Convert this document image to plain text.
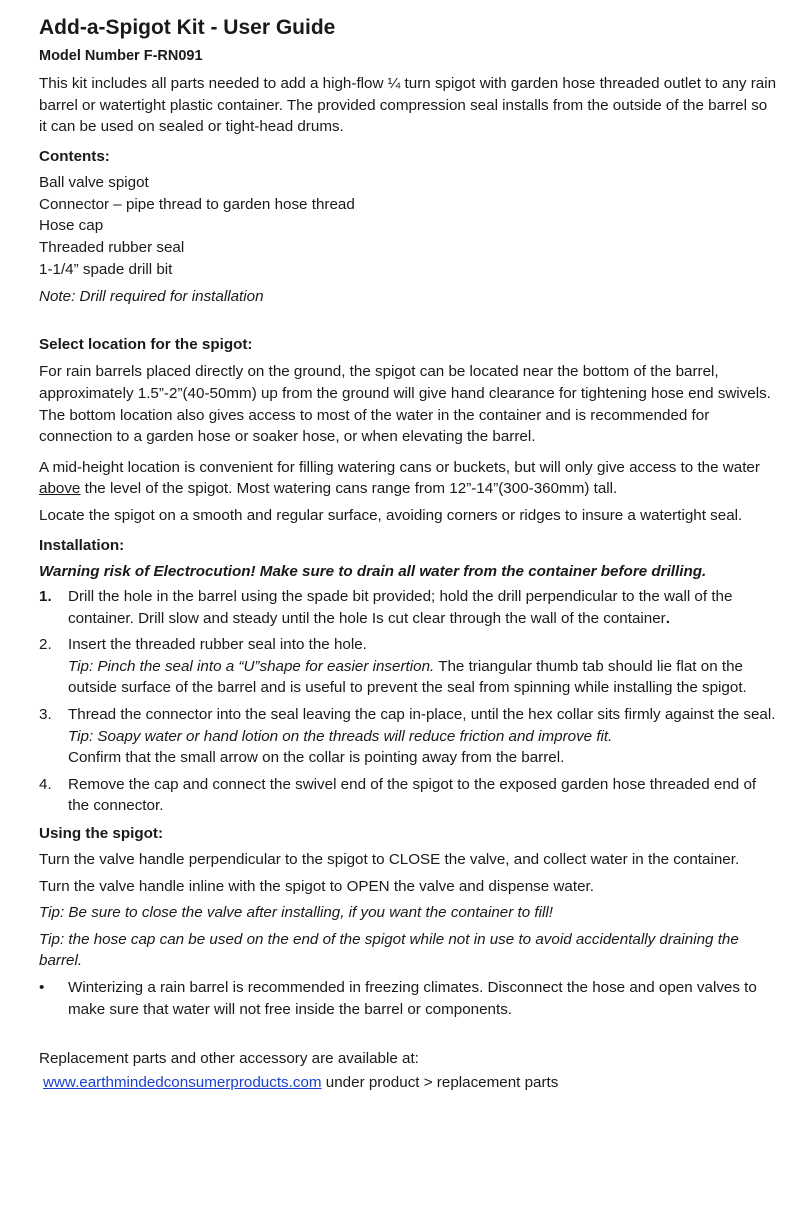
Add-a-Spigot Kit - User Guide
Model Number F-RN091

This kit includes all parts needed to add a high-flow ¼ turn spigot with garden hose threaded outlet to any rain barrel or watertight plastic container. The provided compression seal installs from the outside of the barrel so it can be used on sealed or tight-head drums.

Contents:
Ball valve spigot
Connector – pipe thread to garden hose thread
Hose cap
Threaded rubber seal
1-1/4” spade drill bit

Note: Drill required for installation

Select location for the spigot:

For rain barrels placed directly on the ground, the spigot can be located near the bottom of the barrel, approximately 1.5”-2”(40-50mm) up from the ground will give hand clearance for tightening hose end swivels. The bottom location also gives access to most of the water in the container and is recommended for connection to a garden hose or soaker hose, or when elevating the barrel.

A mid-height location is convenient for filling watering cans or buckets, but will only give access to the water above the level of the spigot. Most watering cans range from 12”-14”(300-360mm) tall.

Locate the spigot on a smooth and regular surface, avoiding corners or ridges to insure a watertight seal.

Installation:

Warning risk of Electrocution! Make sure to drain all water from the container before drilling.

1. Drill the hole in the barrel using the spade bit provided; hold the drill perpendicular to the wall of the container. Drill slow and steady until the hole Is cut clear through the wall of the container.
2. Insert the threaded rubber seal into the hole.
Tip: Pinch the seal into a “U”shape for easier insertion. The triangular thumb tab should lie flat on the outside surface of the barrel and is useful to prevent the seal from spinning while installing the spigot.
3. Thread the connector into the seal leaving the cap in-place, until the hex collar sits firmly against the seal. Tip: Soapy water or hand lotion on the threads will reduce friction and improve fit.
Confirm that the small arrow on the collar is pointing away from the barrel.
4. Remove the cap and connect the swivel end of the spigot to the exposed garden hose threaded end of the connector.
Using the spigot:

Turn the valve handle perpendicular to the spigot to CLOSE the valve, and collect water in the container.

Turn the valve handle inline with the spigot to OPEN the valve and dispense water.

Tip: Be sure to close the valve after installing, if you want the container to fill!

Tip: the hose cap can be used on the end of the spigot while not in use to avoid accidentally draining the barrel.

• Winterizing a rain barrel is recommended in freezing climates. Disconnect the hose and open valves to make sure that water will not free inside the barrel or components.

Replacement parts and other accessory are available at:

www.earthmindedconsumerproducts.com under product > replacement parts
